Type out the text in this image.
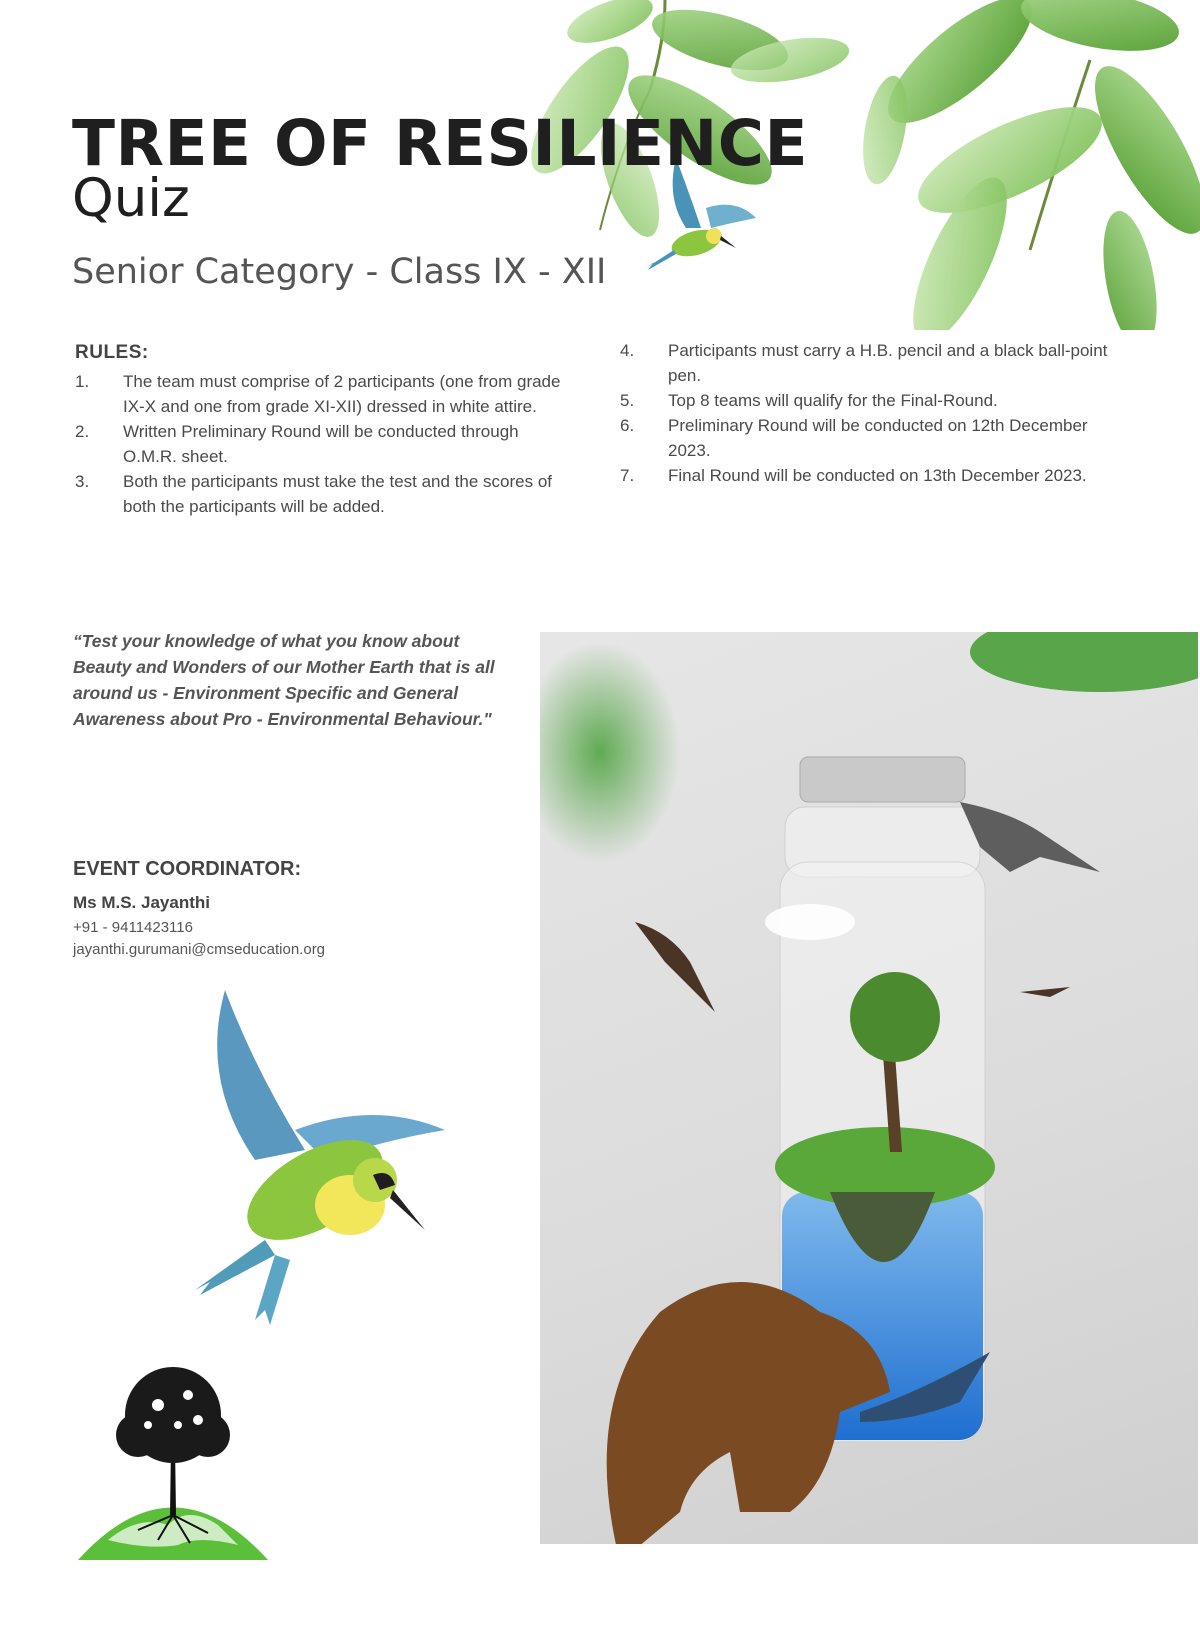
TREE OF RESILIENCE
Quiz
Senior Category - Class IX - XII
RULES:
1. The team must comprise of 2 participants (one from grade IX-X and one from grade XI-XII) dressed in white attire.
2. Written Preliminary Round will be conducted through O.M.R. sheet.
3. Both the participants must take the test and the scores of both the participants will be added.
4. Participants must carry a H.B. pencil and a black ball-point pen.
5. Top 8 teams will qualify for the Final-Round.
6. Preliminary Round will be conducted on 12th December 2023.
7. Final Round will be conducted on 13th December 2023.
“Test your knowledge of what you know about Beauty and Wonders of our Mother Earth that is all around us - Environment Specific and General Awareness about Pro - Environmental Behaviour."
EVENT COORDINATOR:
Ms M.S. Jayanthi
+91 - 9411423116
jayanthi.gurumani@cmseducation.org
